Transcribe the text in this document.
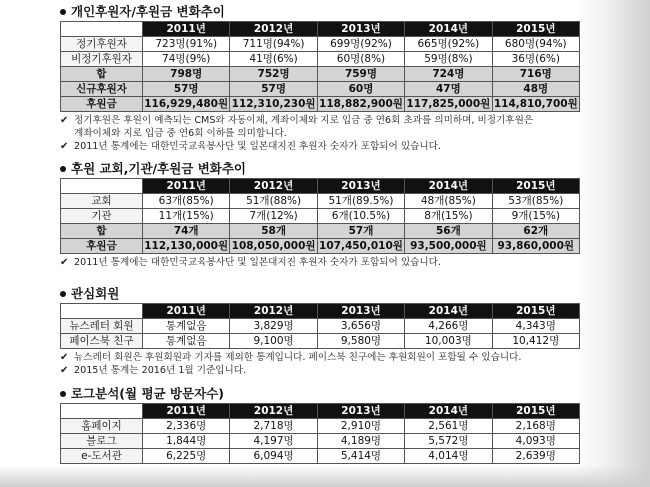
개인후원자/후원금 변화추이
	2011년	2012년	2013년	2014년	2015년
정기후원자	723명(91%)	711명(94%)	699명(92%)	665명(92%)	680명(94%)
비정기후원자	74명(9%)	41명(6%)	60명(8%)	59명(8%)	36명(6%)
합	798명	752명	759명	724명	716명
신규후원자	57명	57명	60명	47명	48명
후원금	116,929,480원	112,310,230원	118,882,900원	117,825,000원	114,810,700원
✔ 정기후원은 후원이 예측되는 CMS와 자동이체, 계좌이체와 지로 입금 중 연6회 초과를 의미하며, 비정기후원은
계좌이체와 지로 입금 중 연6회 이하를 의미합니다.
✔ 2011년 통계에는 대한민국교육봉사단 및 일본대지진 후원자 숫자가 포함되어 있습니다.
후원 교회,기관/후원금 변화추이
	2011년	2012년	2013년	2014년	2015년
교회	63개(85%)	51개(88%)	51개(89.5%)	48개(85%)	53개(85%)
기관	11개(15%)	7개(12%)	6개(10.5%)	8개(15%)	9개(15%)
합	74개	58개	57개	56개	62개
후원금	112,130,000원	108,050,000원	107,450,010원	93,500,000원	93,860,000원
✔ 2011년 통계에는 대한민국교육봉사단 및 일본대지진 후원자 숫자가 포함되어 있습니다.
관심회원
	2011년	2012년	2013년	2014년	2015년
뉴스레터 회원	통계없음	3,829명	3,656명	4,266명	4,343명
페이스북 친구	통계없음	9,100명	9,580명	10,003명	10,412명
✔ 뉴스레터 회원은 후원회원과 기자를 제외한 통계입니다. 페이스북 친구에는 후원회원이 포함될 수 있습니다.
✔ 2015년 통계는 2016년 1월 기준입니다.
로그분석(월 평균 방문자수)
	2011년	2012년	2013년	2014년	2015년
홈페이지	2,336명	2,718명	2,910명	2,561명	2,168명
블로그	1,844명	4,197명	4,189명	5,572명	4,093명
e-도서관	6,225명	6,094명	5,414명	4,014명	2,639명
